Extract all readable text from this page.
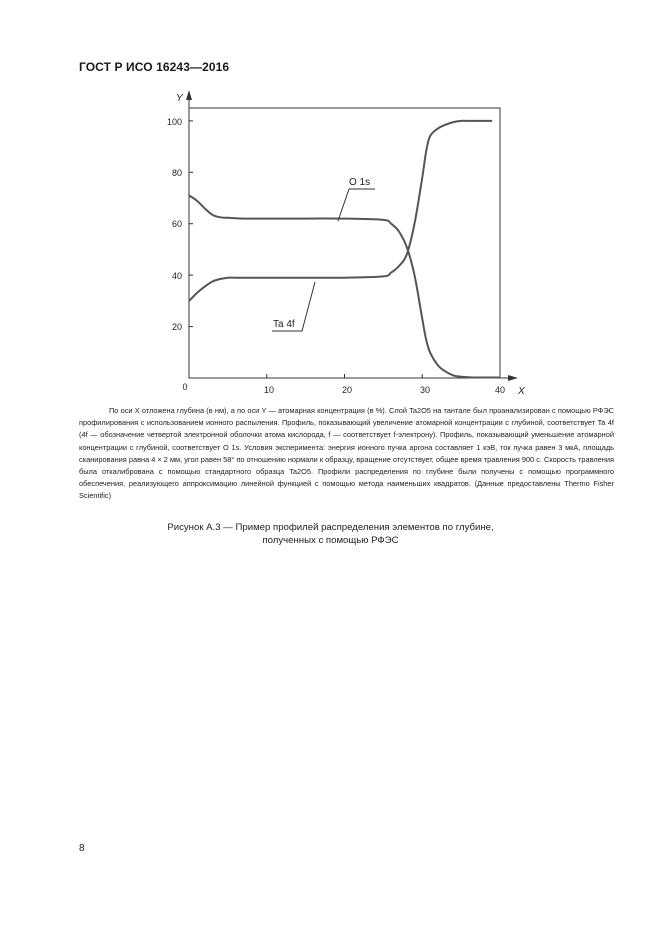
ГОСТ Р ИСО 16243—2016
Y
X
20
40
60
80
100
0	10	20	30	40
O 1s
Ta 4f

По оси X отложена глубина (в нм), а по оси Y — атомарная концентрация (в %). Слой Ta2O5 на тантале был проанализирован с помощью РФЭС профилирования с использованием ионного распыления. Профиль, показывающий увеличение атомарной концентрации с глубиной, соответствует Ta 4f (4f — обозначение четвертой электронной оболочки атома кислорода, f — соответствует f-электрону). Профиль, показывающий уменьшение атомарной концентрации с глубиной, соответствует O 1s. Условия эксперимента: энергия ионного пучка аргона составляет 1 кэВ, ток пучка равен 3 мкА, площадь сканирования равна 4 × 2 мм, угол равен 58° по отношению нормали к образцу, вращение отсутствует, общее время травления 900 с. Скорость травления была откалибрована с помощью стандартного образца Ta2O5. Профили распределения по глубине были получены с помощью программного обеспечения, реализующего аппроксимацию линейной функцией с помощью метода наименьших квадратов. (Данные предоставлены Thermo Fisher Scientific)

Рисунок А.3 — Пример профилей распределения элементов по глубине,
полученных с помощью РФЭС
8
